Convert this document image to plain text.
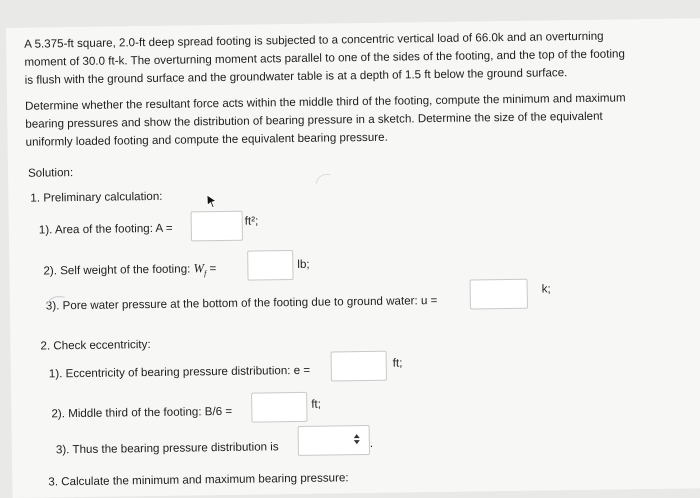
A 5.375-ft square, 2.0-ft deep spread footing is subjected to a concentric vertical load of 66.0k and an overturning
moment of 30.0 ft-k. The overturning moment acts parallel to one of the sides of the footing, and the top of the footing
is flush with the ground surface and the groundwater table is at a depth of 1.5 ft below the ground surface.
Determine whether the resultant force acts within the middle third of the footing, compute the minimum and maximum
bearing pressures and show the distribution of bearing pressure in a sketch. Determine the size of the equivalent
uniformly loaded footing and compute the equivalent bearing pressure.
Solution:
1. Preliminary calculation:
1). Area of the footing: A =
ft²;
2). Self weight of the footing: $W_f$ =	lb;
3). Pore water pressure at the bottom of the footing due to ground water: u =
k;
2. Check eccentricity:
1). Eccentricity of bearing pressure distribution: e =
ft;
2). Middle third of the footing: B/6 =
ft;
3). Thus the bearing pressure distribution is	.
3. Calculate the minimum and maximum bearing pressure:
